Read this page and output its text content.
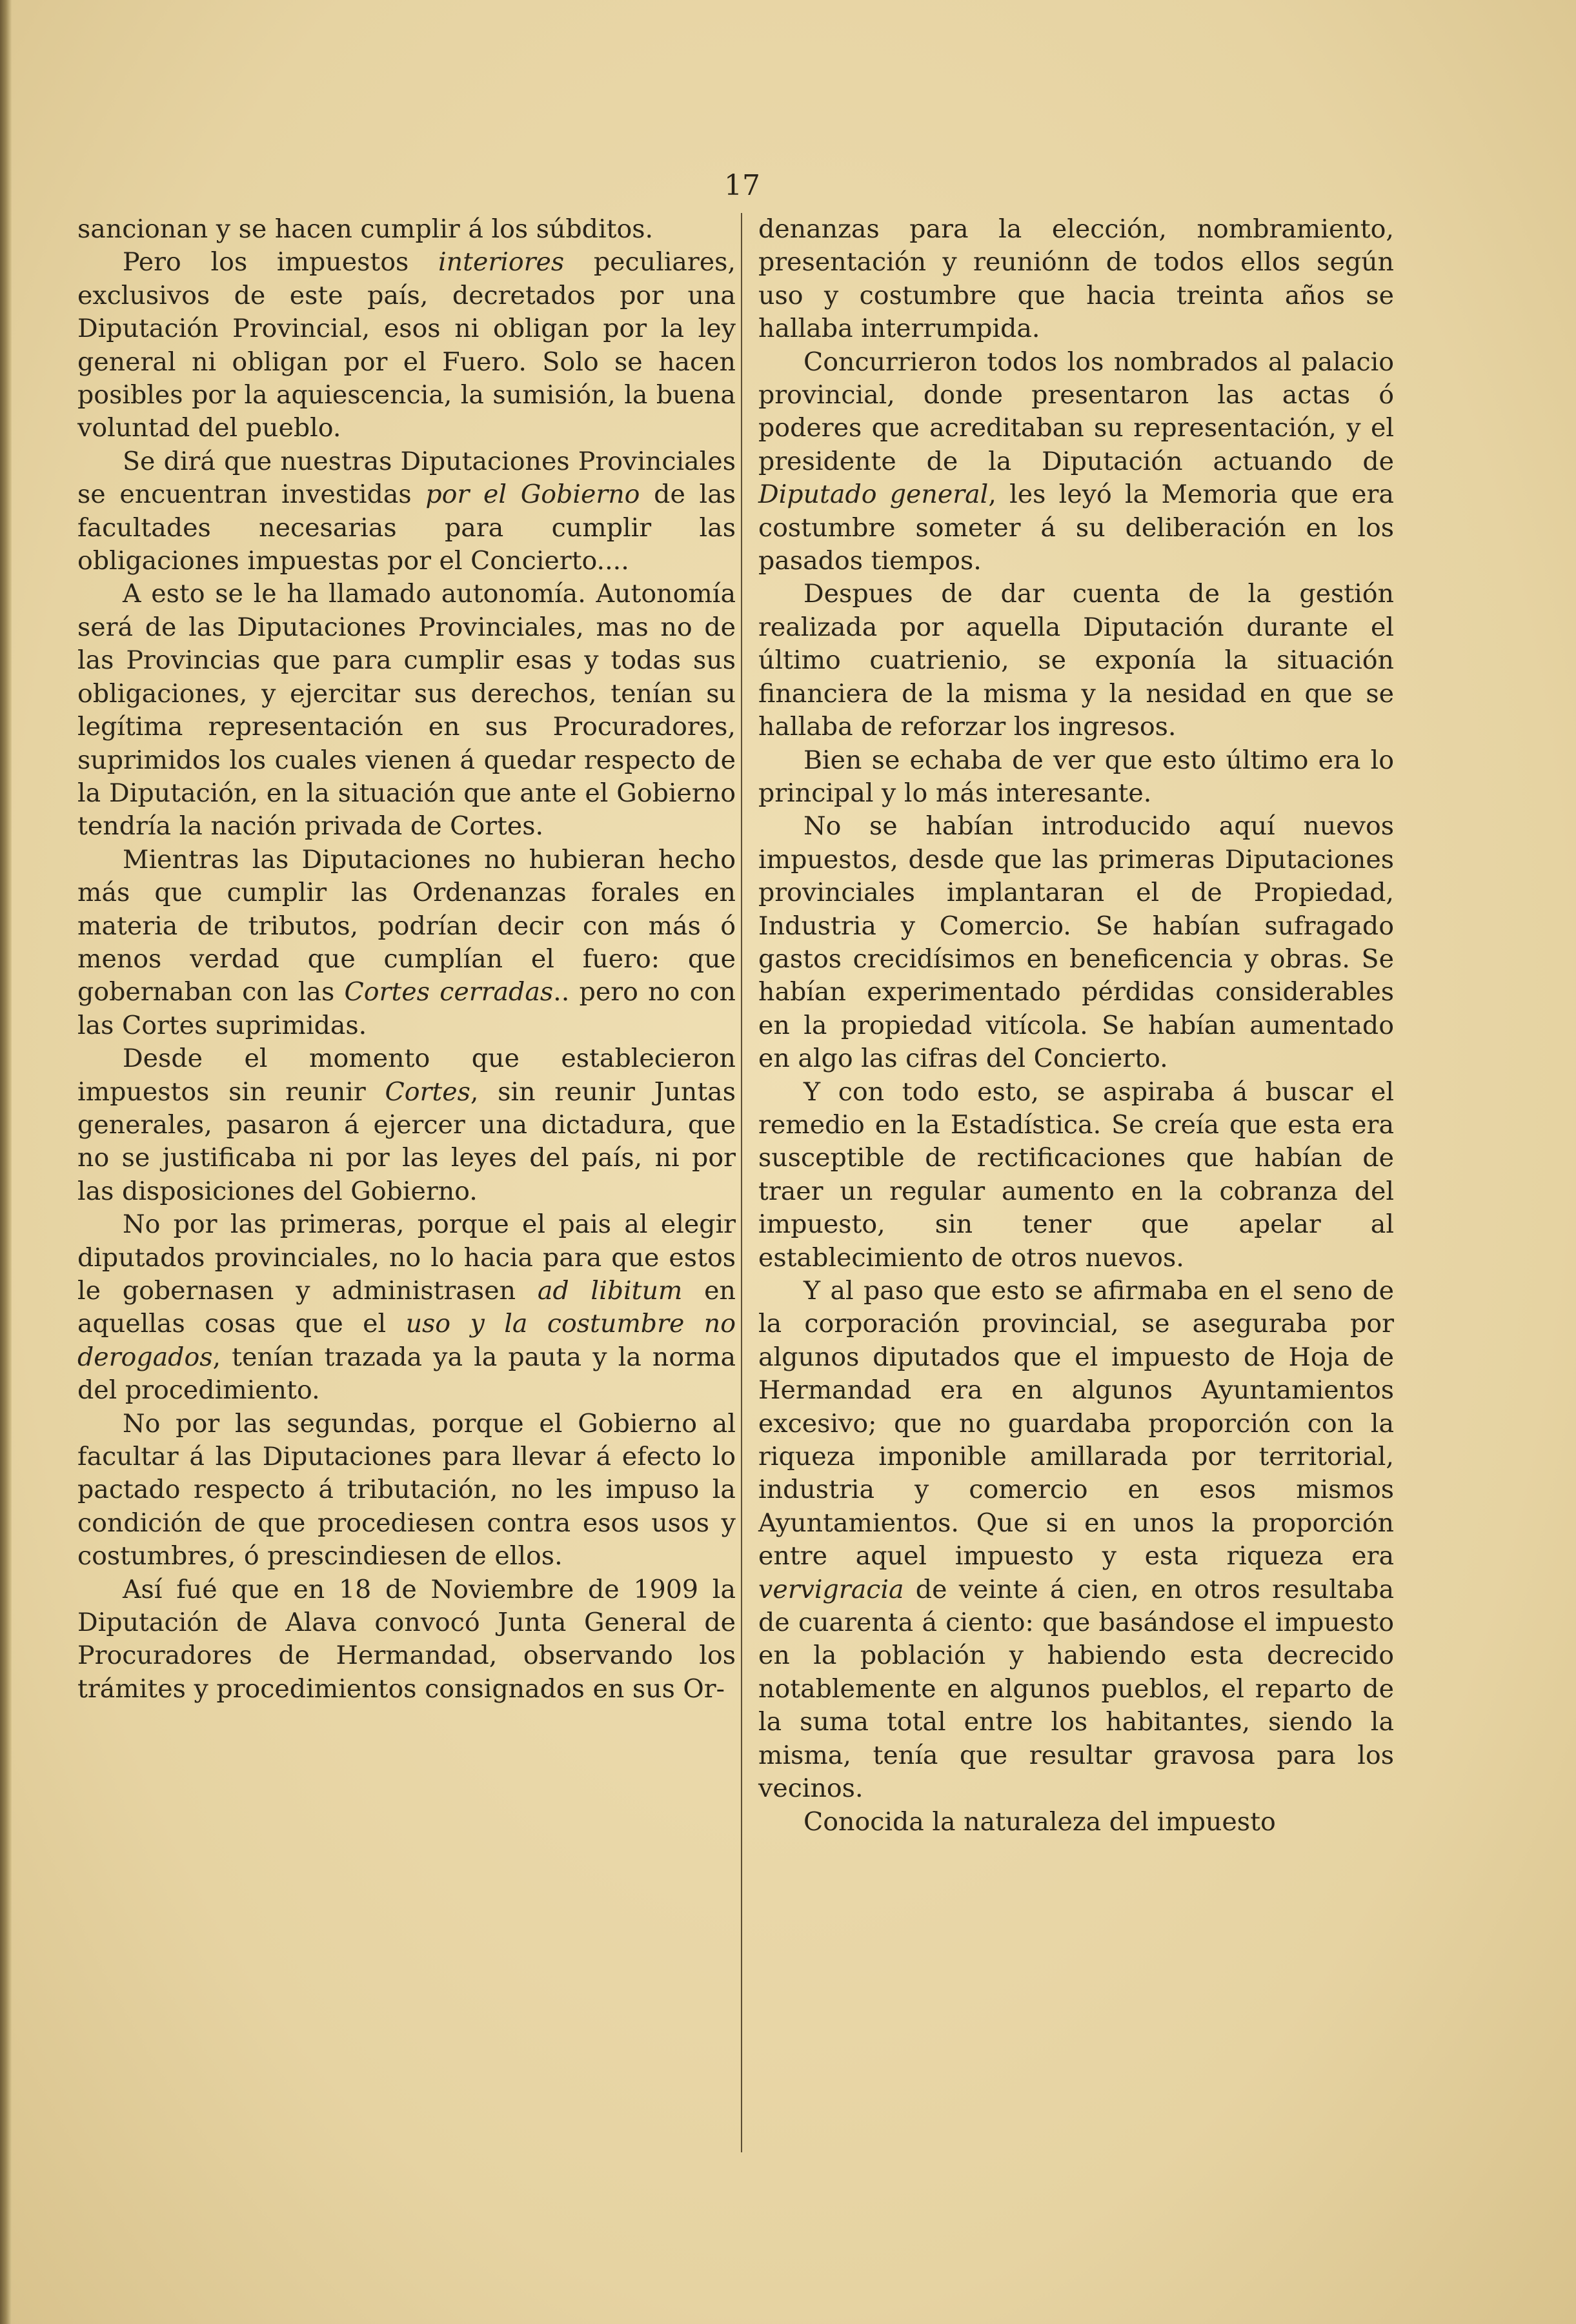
17

sancionan y se hacen cumplir á los súbditos.

Pero los impuestos interiores peculiares, exclusivos de este país, decretados por una Diputación Provincial, esos ni obligan por la ley general ni obligan por el Fuero. Solo se hacen posibles por la aquiescencia, la sumisión, la buena voluntad del pueblo.

Se dirá que nuestras Diputaciones Provinciales se encuentran investidas por el Gobierno de las facultades necesarias para cumplir las obligaciones impuestas por el Concierto....

A esto se le ha llamado autonomía. Autonomía será de las Diputaciones Provinciales, mas no de las Provincias que para cumplir esas y todas sus obligaciones, y ejercitar sus derechos, tenían su legítima representación en sus Procuradores, suprimidos los cuales vienen á quedar respecto de la Diputación, en la situación que ante el Gobierno tendría la nación privada de Cortes.

Mientras las Diputaciones no hubieran hecho más que cumplir las Ordenanzas forales en materia de tributos, podrían decir con más ó menos verdad que cumplían el fuero: que gobernaban con las Cortes cerradas.. pero no con las Cortes suprimidas.

Desde el momento que establecieron impuestos sin reunir Cortes, sin reunir Juntas generales, pasaron á ejercer una dictadura, que no se justificaba ni por las leyes del país, ni por las disposiciones del Gobierno.

No por las primeras, porque el pais al elegir diputados provinciales, no lo hacia para que estos le gobernasen y administrasen ad libitum en aquellas cosas que el uso y la costumbre no derogados, tenían trazada ya la pauta y la norma del procedimiento.

No por las segundas, porque el Gobierno al facultar á las Diputaciones para llevar á efecto lo pactado respecto á tributación, no les impuso la condición de que procediesen contra esos usos y costumbres, ó prescindiesen de ellos.

Así fué que en 18 de Noviembre de 1909 la Diputación de Alava convocó Junta General de Procuradores de Hermandad, observando los trámites y procedimientos consignados en sus Or-

denanzas para la elección, nombramiento, presentación y reuniónn de todos ellos según uso y costumbre que hacia treinta años se hallaba interrumpida.

Concurrieron todos los nombrados al palacio provincial, donde presentaron las actas ó poderes que acreditaban su representación, y el presidente de la Diputación actuando de Diputado general, les leyó la Memoria que era costumbre someter á su deliberación en los pasados tiempos.

Despues de dar cuenta de la gestión realizada por aquella Diputación durante el último cuatrienio, se exponía la situación financiera de la misma y la nesidad en que se hallaba de reforzar los ingresos.

Bien se echaba de ver que esto último era lo principal y lo más interesante.

No se habían introducido aquí nuevos impuestos, desde que las primeras Diputaciones provinciales implantaran el de Propiedad, Industria y Comercio. Se habían sufragado gastos crecidísimos en beneficencia y obras. Se habían experimentado pérdidas considerables en la propiedad vitícola. Se habían aumentado en algo las cifras del Concierto.

Y con todo esto, se aspiraba á buscar el remedio en la Estadística. Se creía que esta era susceptible de rectificaciones que habían de traer un regular aumento en la cobranza del impuesto, sin tener que apelar al establecimiento de otros nuevos.

Y al paso que esto se afirmaba en el seno de la corporación provincial, se aseguraba por algunos diputados que el impuesto de Hoja de Hermandad era en algunos Ayuntamientos excesivo; que no guardaba proporción con la riqueza imponible amillarada por territorial, industria y comercio en esos mismos Ayuntamientos. Que si en unos la proporción entre aquel impuesto y esta riqueza era vervigracia de veinte á cien, en otros resultaba de cuarenta á ciento: que basándose el impuesto en la población y habiendo esta decrecido notablemente en algunos pueblos, el reparto de la suma total entre los habitantes, siendo la misma, tenía que resultar gravosa para los vecinos.

Conocida la naturaleza del impuesto
